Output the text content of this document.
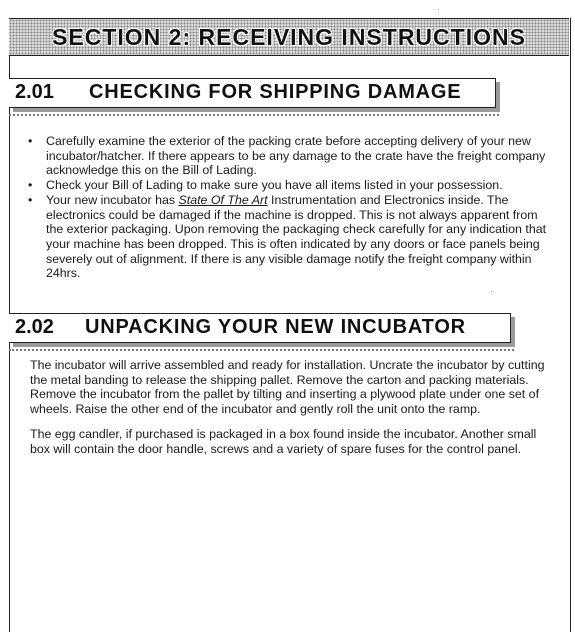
SECTION 2: RECEIVING INSTRUCTIONS
2.01 CHECKING FOR SHIPPING DAMAGE
• Carefully examine the exterior of the packing crate before accepting delivery of your new incubator/hatcher. If there appears to be any damage to the crate have the freight company acknowledge this on the Bill of Lading.
• Check your Bill of Lading to make sure you have all items listed in your possession.
• Your new incubator has State Of The Art Instrumentation and Electronics inside. The electronics could be damaged if the machine is dropped. This is not always apparent from the exterior packaging. Upon removing the packaging check carefully for any indication that your machine has been dropped. This is often indicated by any doors or face panels being severely out of alignment. If there is any visible damage notify the freight company within 24hrs.
2.02 UNPACKING YOUR NEW INCUBATOR

The incubator will arrive assembled and ready for installation. Uncrate the incubator by cutting the metal banding to release the shipping pallet. Remove the carton and packing materials. Remove the incubator from the pallet by tilting and inserting a plywood plate under one set of wheels. Raise the other end of the incubator and gently roll the unit onto the ramp.

The egg candler, if purchased is packaged in a box found inside the incubator. Another small box will contain the door handle, screws and a variety of spare fuses for the control panel.

·
·
